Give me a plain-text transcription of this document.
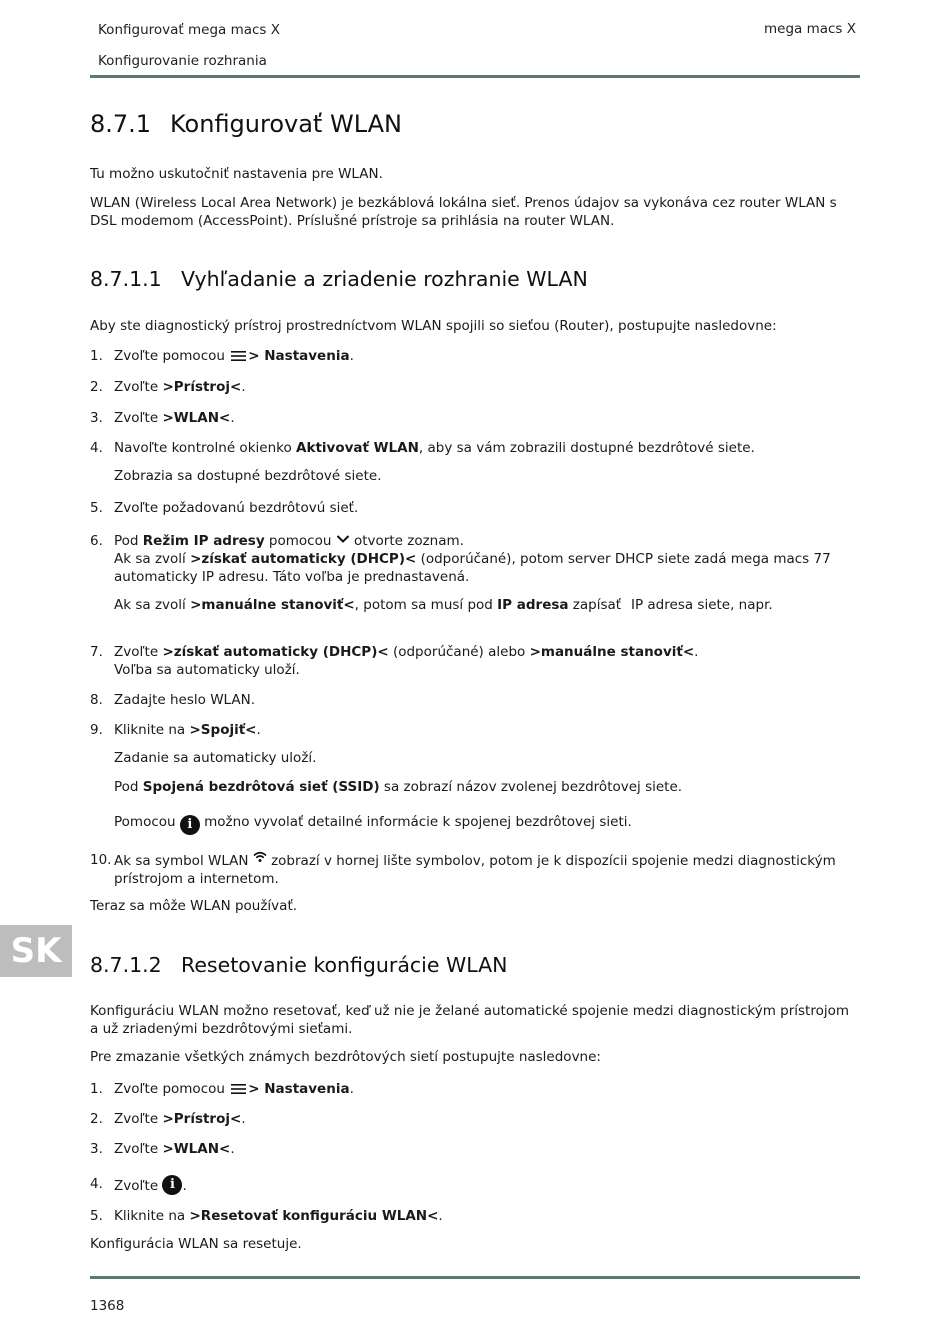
Konfigurovať mega macs X
Konfigurovanie rozhrania
mega macs X
8.7.1 Konfigurovať WLAN

Tu možno uskutočniť nastavenia pre WLAN.

WLAN (Wireless Local Area Network) je bezkáblová lokálna sieť. Prenos údajov sa vykonáva cez router WLAN s DSL modemom (AccessPoint). Príslušné prístroje sa prihlásia na router WLAN.

8.7.1.1 Vyhľadanie a zriadenie rozhranie WLAN

Aby ste diagnostický prístroj prostredníctvom WLAN spojili so sieťou (Router), postupujte nasledovne:

1. Zvoľte pomocou > Nastavenia.
2. Zvoľte >Prístroj<.
3. Zvoľte >WLAN<.
4. Navoľte kontrolné okienko Aktivovať WLAN, aby sa vám zobrazili dostupné bezdrôtové siete.

Zobrazia sa dostupné bezdrôtové siete.

5. Zvoľte požadovanú bezdrôtovú sieť.
6. Pod Režim IP adresy pomocou  otvorte zoznam.
Ak sa zvolí >získať automaticky (DHCP)< (odporúčané), potom server DHCP siete zadá mega macs 77 automaticky IP adresu. Táto voľba je prednastavená.
Ak sa zvolí >manuálne stanoviť<, potom sa musí pod IP adresa zapísať IP adresa siete, napr.
7. Zvoľte >získať automaticky (DHCP)< (odporúčané) alebo >manuálne stanoviť<.
Voľba sa automaticky uloží.
8. Zadajte heslo WLAN.
9. Kliknite na >Spojiť<.

Zadanie sa automaticky uloží.

Pod Spojená bezdrôtová sieť (SSID) sa zobrazí názov zvolenej bezdrôtovej siete.
Pomocou i možno vyvolať detailné informácie k spojenej bezdrôtovej sieti.
10. Ak sa symbol WLAN  zobrazí v hornej lište symbolov, potom je k dispozícii spojenie medzi diagnostickým prístrojom a internetom.

Teraz sa môže WLAN používať.

SK	8.7.1.2 Resetovanie konfigurácie WLAN

Konfiguráciu WLAN možno resetovať, keď už nie je želané automatické spojenie medzi diagnostickým prístrojom a už zriadenými bezdrôtovými sieťami.

Pre zmazanie všetkých známych bezdrôtových sietí postupujte nasledovne:

1. Zvoľte pomocou > Nastavenia.
2. Zvoľte >Prístroj<.
3. Zvoľte >WLAN<.
4. Zvoľte i .
5. Kliknite na >Resetovať konfiguráciu WLAN<.

Konfigurácia WLAN sa resetuje.

1368
